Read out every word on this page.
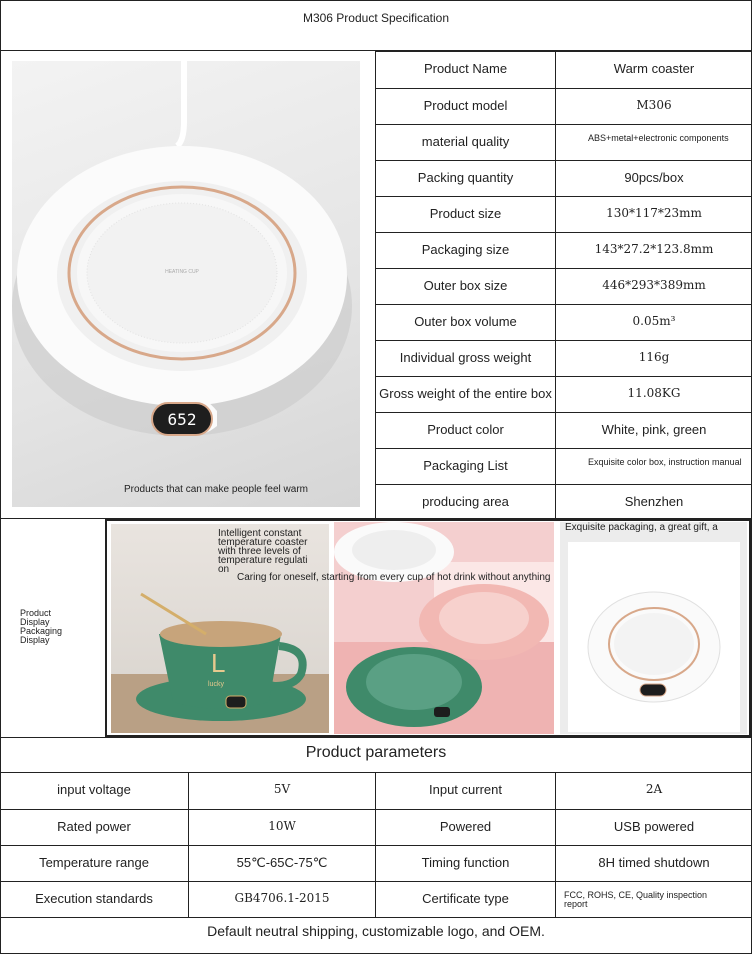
M306 Product Specification
652
HEATING CUP
Products that can make people feel warm
Product Name	Warm coaster
Product model	M306
material quality	ABS+metal+electronic components
Packing quantity	90pcs/box
Product size	130*117*23mm
Packaging size	143*27.2*123.8mm
Outer box size	446*293*389mm
Outer box volume	0.05m³
Individual gross weight	116g
Gross weight of the entire box	11.08KG
Product color	White, pink, green
Packaging List	Exquisite color box, instruction manual
producing area	Shenzhen
Product Display Packaging Display
L
lucky
Intelligent constant temperature coaster with three levels of temperature regulati on
Caring for oneself, starting from every cup of hot drink without anything
Exquisite packaging, a great gift, a
Product parameters
input voltage	5V	Input current	2A
Rated power	10W	Powered	USB powered
Temperature range	55℃-65C-75℃	Timing function	8H timed shutdown
Execution standards	GB4706.1-2015	Certificate type	FCC, ROHS, CE, Quality inspection report
Default neutral shipping, customizable logo, and OEM.
